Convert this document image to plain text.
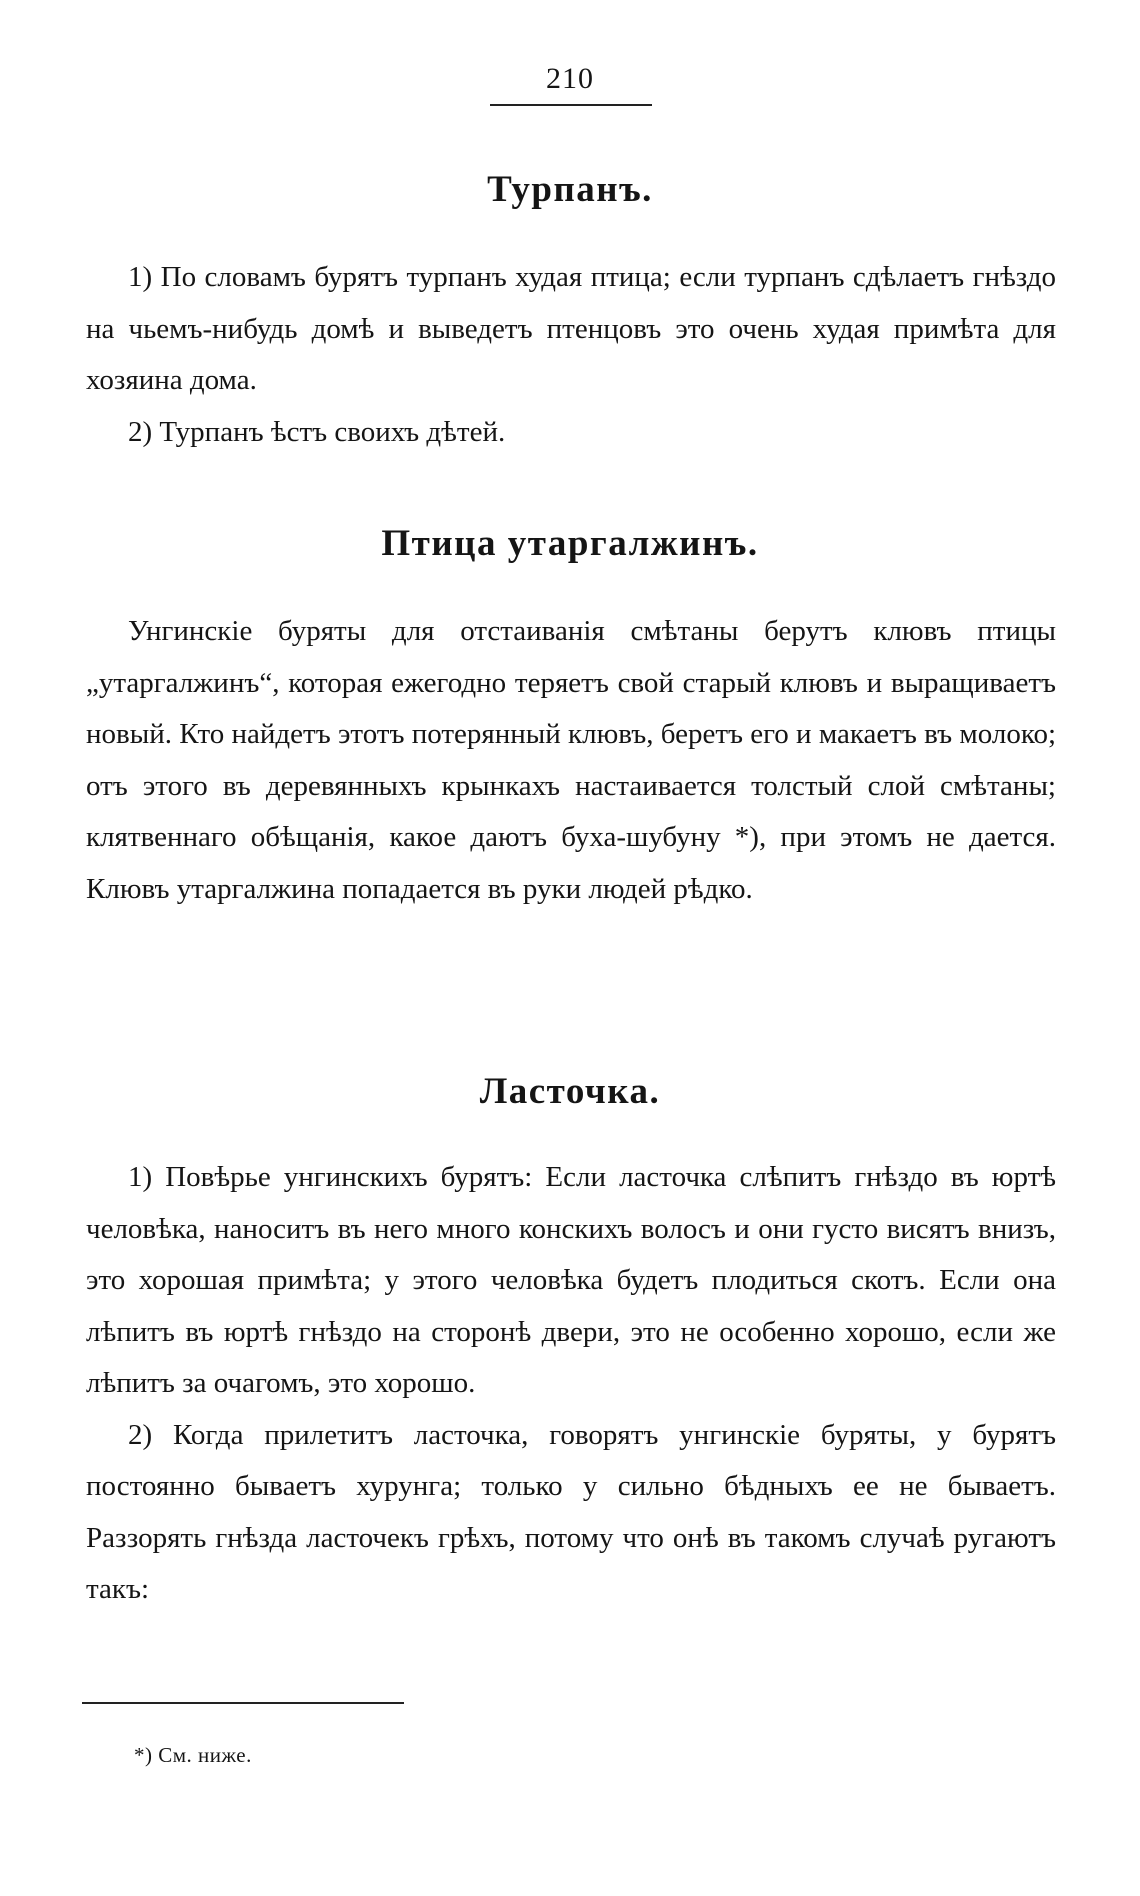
210
Турпанъ.

1) По словамъ бурятъ турпанъ худая птица; если турпанъ сдѣлаетъ гнѣздо на чьемъ-нибудь домѣ и выведетъ птенцовъ это очень худая примѣта для хозяина дома.

2) Турпанъ ѣстъ своихъ дѣтей.

Птица утаргалжинъ.

Унгинскіе буряты для отстаиванія смѣтаны берутъ клювъ птицы „утаргалжинъ“, которая ежегодно теряетъ свой старый клювъ и выращиваетъ новый. Кто найдетъ этотъ потерянный клювъ, беретъ его и макаетъ въ молоко; отъ этого въ деревянныхъ крынкахъ настаивается толстый слой смѣтаны; клятвеннаго обѣщанія, какое даютъ буха-шубуну *), при этомъ не дается. Клювъ утаргалжина попадается въ руки людей рѣдко.

Ласточка.

1) Повѣрье унгинскихъ бурятъ: Если ласточка слѣпитъ гнѣздо въ юртѣ человѣка, наноситъ въ него много конскихъ волосъ и они густо висятъ внизъ, это хорошая примѣта; у этого человѣка будетъ плодиться скотъ. Если она лѣпитъ въ юртѣ гнѣздо на сторонѣ двери, это не особенно хорошо, если же лѣпитъ за очагомъ, это хорошо.

2) Когда прилетитъ ласточка, говорятъ унгинскіе буряты, у бурятъ постоянно бываетъ хурунга; только у сильно бѣдныхъ ее не бываетъ. Раззорять гнѣзда ласточекъ грѣхъ, потому что онѣ въ такомъ случаѣ ругаютъ такъ:

*) См. ниже.
